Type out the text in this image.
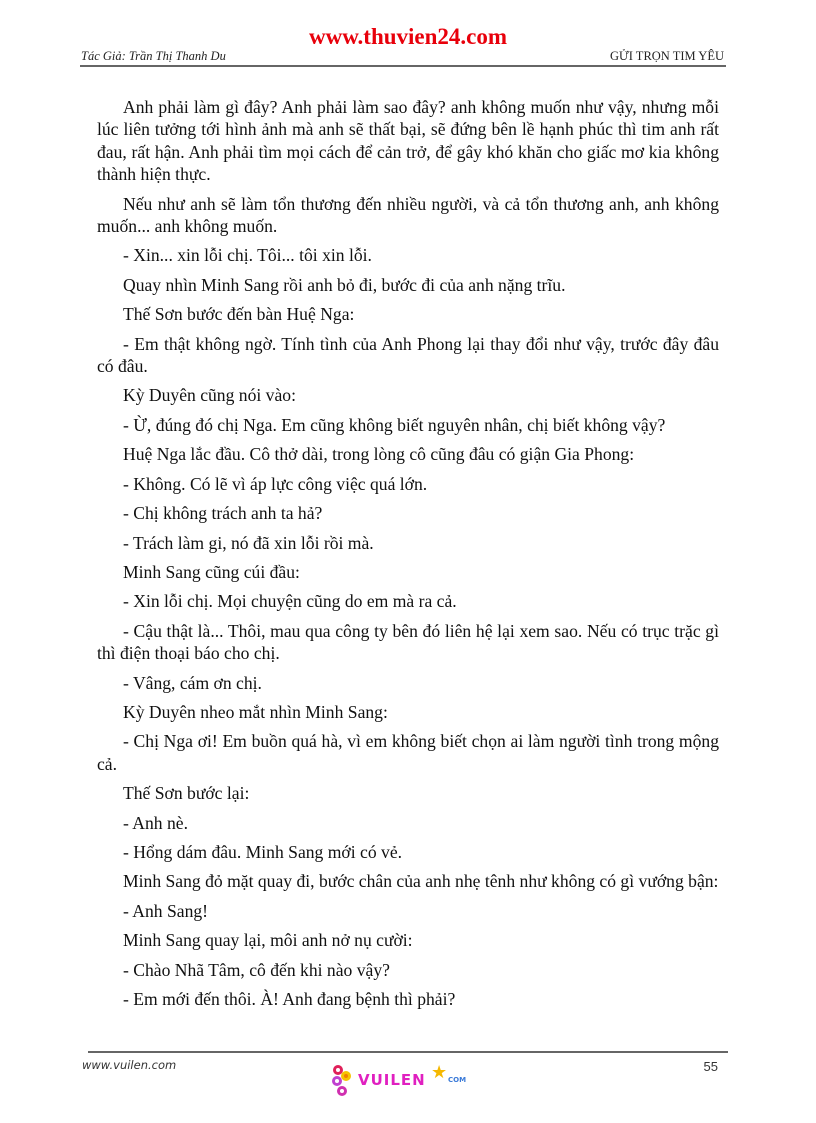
www.thuvien24.com
Tác Giả: Trần Thị Thanh Du	GỬI TRỌN TIM YÊU

Anh phải làm gì đây? Anh phải làm sao đây? anh không muốn như vậy, nhưng mỗi lúc liên tưởng tới hình ảnh mà anh sẽ thất bại, sẽ đứng bên lề hạnh phúc thì tim anh rất đau, rất hận. Anh phải tìm mọi cách để cản trở, để gây khó khăn cho giấc mơ kia không thành hiện thực.

Nếu như anh sẽ làm tổn thương đến nhiều người, và cả tổn thương anh, anh không muốn... anh không muốn.

- Xin... xin lỗi chị. Tôi... tôi xin lỗi.

Quay nhìn Minh Sang rồi anh bỏ đi, bước đi của anh nặng trĩu.

Thế Sơn bước đến bàn Huệ Nga:

- Em thật không ngờ. Tính tình của Anh Phong lại thay đổi như vậy, trước đây đâu có đâu.

Kỳ Duyên cũng nói vào:

- Ừ, đúng đó chị Nga. Em cũng không biết nguyên nhân, chị biết không vậy?

Huệ Nga lắc đầu. Cô thở dài, trong lòng cô cũng đâu có giận Gia Phong:

- Không. Có lẽ vì áp lực công việc quá lớn.

- Chị không trách anh ta hả?

- Trách làm gi, nó đã xin lỗi rồi mà.

Minh Sang cũng cúi đầu:

- Xin lỗi chị. Mọi chuyện cũng do em mà ra cả.

- Cậu thật là... Thôi, mau qua công ty bên đó liên hệ lại xem sao. Nếu có trục trặc gì thì điện thoại báo cho chị.

- Vâng, cám ơn chị.

Kỳ Duyên nheo mắt nhìn Minh Sang:

- Chị Nga ơi! Em buồn quá hà, vì em không biết chọn ai làm người tình trong mộng cả.

Thế Sơn bước lại:

- Anh nè.

- Hổng dám đâu. Minh Sang mới có vẻ.

Minh Sang đỏ mặt quay đi, bước chân của anh nhẹ tênh như không có gì vướng bận:

- Anh Sang!

Minh Sang quay lại, môi anh nở nụ cười:

- Chào Nhã Tâm, cô đến khi nào vậy?

- Em mới đến thôi. À! Anh đang bệnh thì phải?

www.vuilen.com
VUILEN ★ COM
55
